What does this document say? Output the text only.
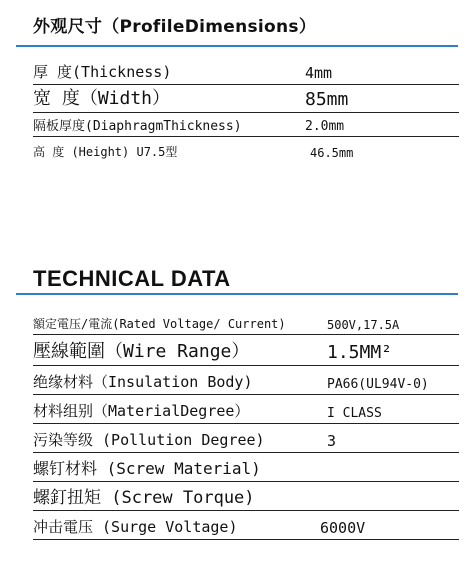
外观尺寸（ProfileDimensions）
厚 度(Thickness)	4mm
宽 度（Width）	85mm
隔板厚度(DiaphragmThickness)	2.0mm
高 度 (Height) U7.5型	46.5mm
TECHNICAL DATA
額定電压/電流(Rated Voltage/ Current)	500V,17.5A
壓線範圍（Wire Range）	1.5MM²
绝缘材料（Insulation Body)	PA66(UL94V-0)
材料组别（MaterialDegree）	I CLASS
污染等级 (Pollution Degree)	3
螺钉材料 (Screw Material)
螺釘扭矩 (Screw Torque)
冲击電压 (Surge Voltage)	6000V
